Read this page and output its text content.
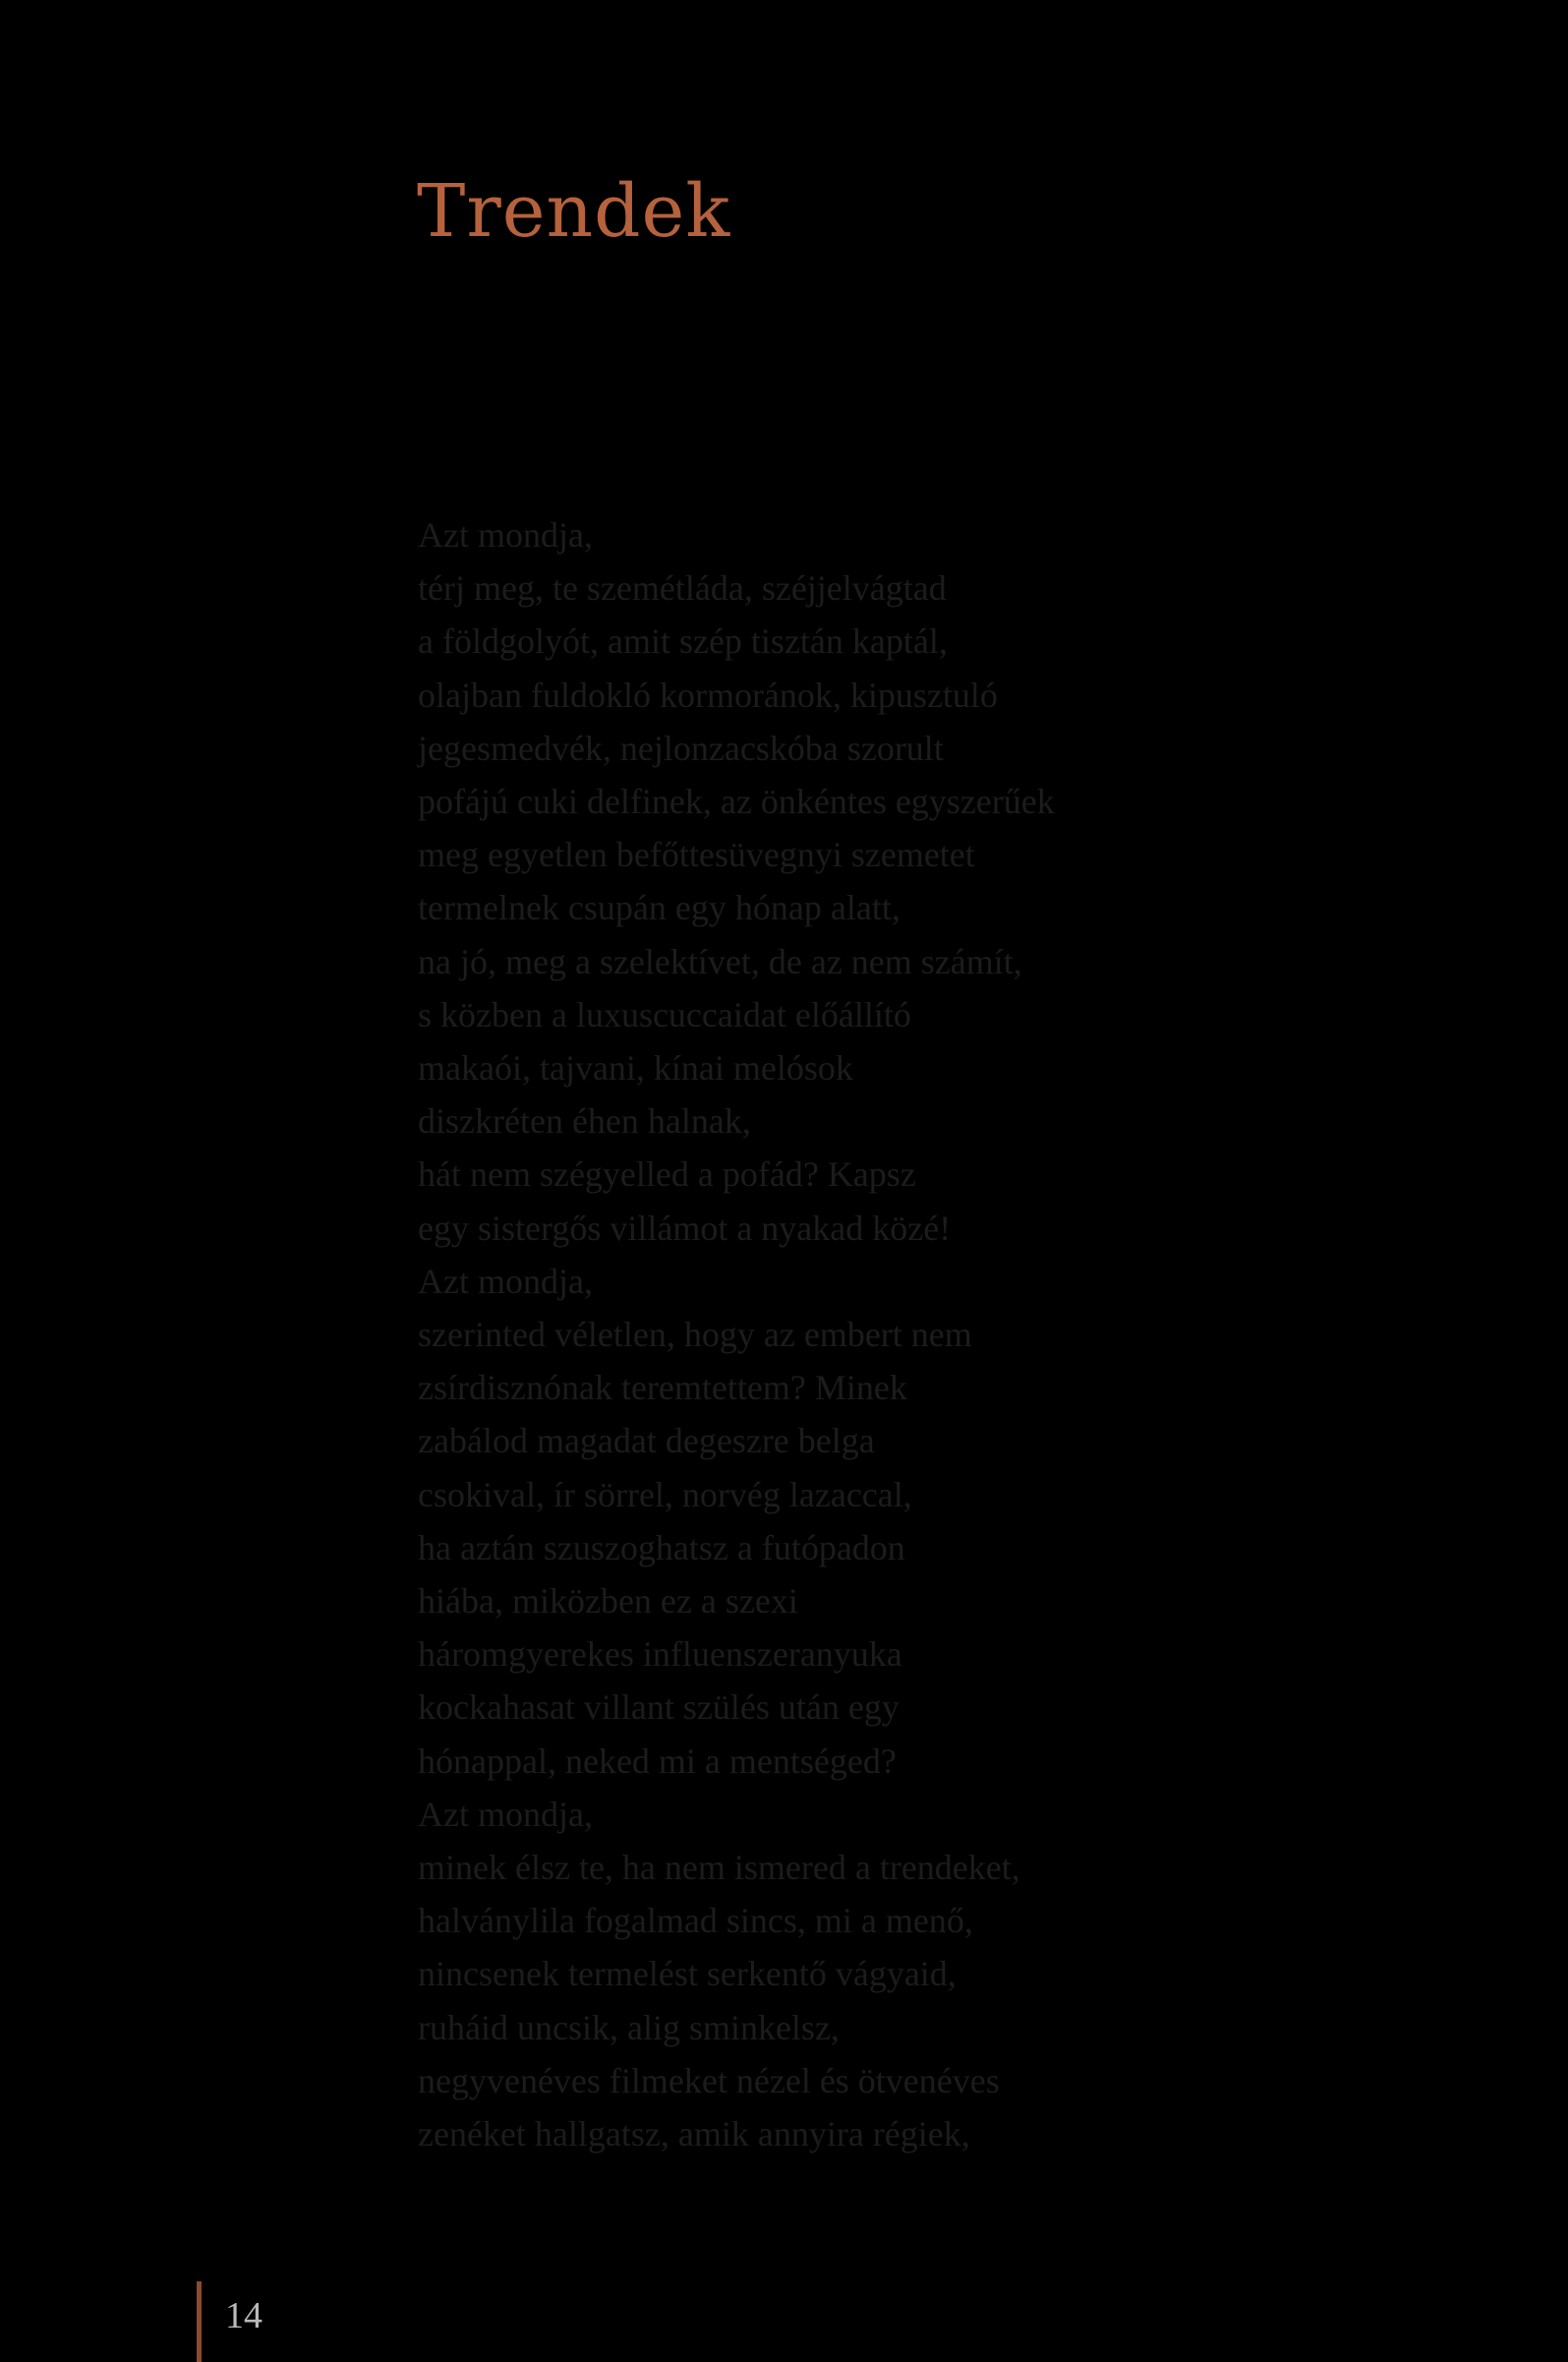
Trendek
Azt mondja,
térj meg, te szemétláda, széjjelvágtad
a földgolyót, amit szép tisztán kaptál,
olajban fuldokló kormoránok, kipusztuló
jegesmedvék, nejlonzacskóba szorult
pofájú cuki delfinek, az önkéntes egyszerűek
meg egyetlen befőttesüvegnyi szemetet
termelnek csupán egy hónap alatt,
na jó, meg a szelektívet, de az nem számít,
s közben a luxuscuccaidat előállító
makaói, tajvani, kínai melósok
diszkréten éhen halnak,
hát nem szégyelled a pofád? Kapsz
egy sistergős villámot a nyakad közé!
Azt mondja,
szerinted véletlen, hogy az embert nem
zsírdisznónak teremtettem? Minek
zabálod magadat degeszre belga
csokival, ír sörrel, norvég lazaccal,
ha aztán szuszoghatsz a futópadon
hiába, miközben ez a szexi
háromgyerekes influenszeranyuka
kockahasat villant szülés után egy
hónappal, neked mi a mentséged?
Azt mondja,
minek élsz te, ha nem ismered a trendeket,
halványlila fogalmad sincs, mi a menő,
nincsenek termelést serkentő vágyaid,
ruháid uncsik, alig sminkelsz,
negyvenéves filmeket nézel és ötvenéves
zenéket hallgatsz, amik annyira régiek,
14
